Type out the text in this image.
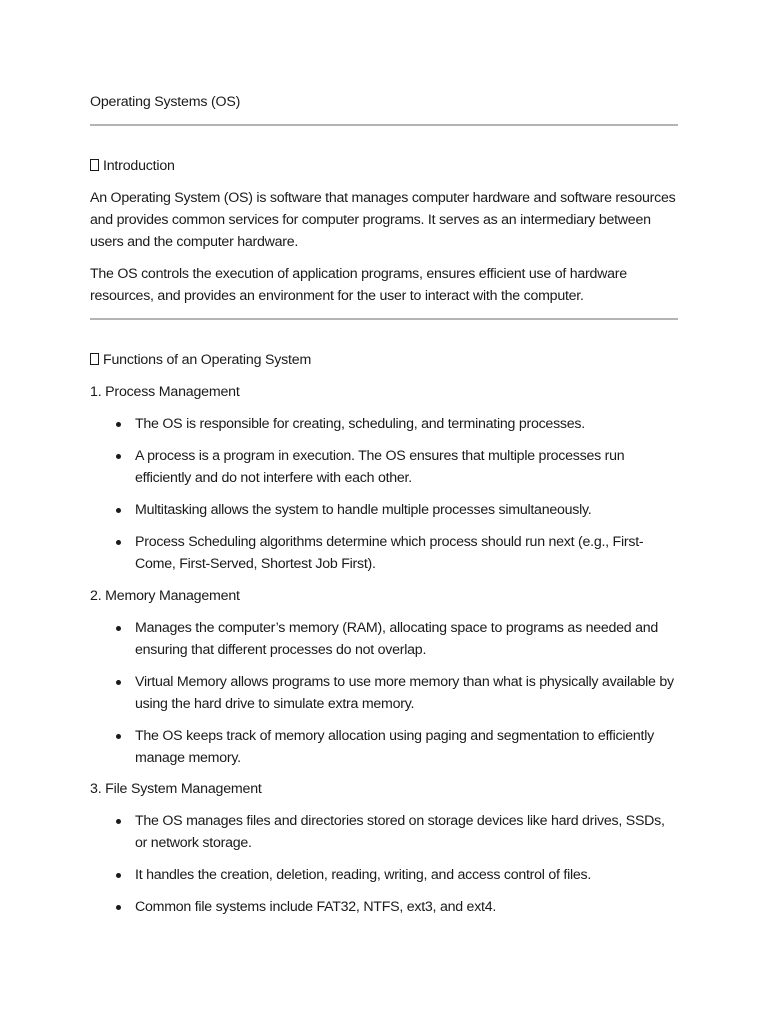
Operating Systems (OS)
Introduction
An Operating System (OS) is software that manages computer hardware and software resources and provides common services for computer programs. It serves as an intermediary between users and the computer hardware.
The OS controls the execution of application programs, ensures efficient use of hardware resources, and provides an environment for the user to interact with the computer.
Functions of an Operating System
1. Process Management
The OS is responsible for creating, scheduling, and terminating processes.
A process is a program in execution. The OS ensures that multiple processes run efficiently and do not interfere with each other.
Multitasking allows the system to handle multiple processes simultaneously.
Process Scheduling algorithms determine which process should run next (e.g., First-Come, First-Served, Shortest Job First).
2. Memory Management
Manages the computer’s memory (RAM), allocating space to programs as needed and ensuring that different processes do not overlap.
Virtual Memory allows programs to use more memory than what is physically available by using the hard drive to simulate extra memory.
The OS keeps track of memory allocation using paging and segmentation to efficiently manage memory.
3. File System Management
The OS manages files and directories stored on storage devices like hard drives, SSDs, or network storage.
It handles the creation, deletion, reading, writing, and access control of files.
Common file systems include FAT32, NTFS, ext3, and ext4.
